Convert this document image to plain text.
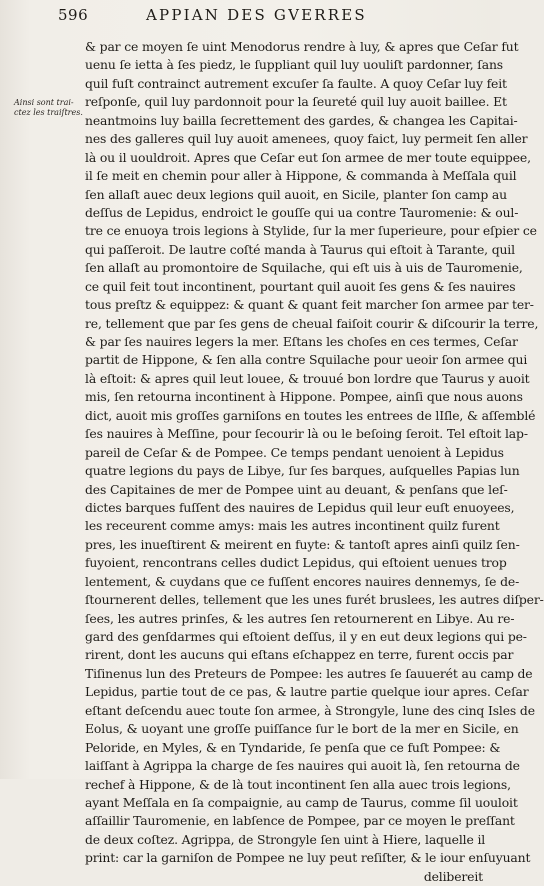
596	APPIAN DES GVERRES
Ainsi sont trai-
ctez les traiſtres.
& par ce moyen ſe uint Menodorus rendre à luy, & apres que Ceſar fut
uenu ſe ietta à ſes piedz, le ſuppliant quil luy uouliſt pardonner, ſans
quil fuſt contrainct autrement excuſer ſa faulte. A quoy Ceſar luy feit
reſponſe, quil luy pardonnoit pour la ſeureté quil luy auoit baillee. Et
neantmoins luy bailla ſecrettement des gardes, & changea les Capitai-
nes des galleres quil luy auoit amenees, quoy faict, luy permeit ſen aller
là ou il uouldroit. Apres que Ceſar eut ſon armee de mer toute equippee,
il ſe meit en chemin pour aller à Hippone, & commanda à Meſſala quil
ſen allaſt auec deux legions quil auoit, en Sicile, planter ſon camp au
deſſus de Lepidus, endroict le gouſſe qui ua contre Tauromenie: & oul-
tre ce enuoya trois legions à Stylide, ſur la mer ſuperieure, pour eſpier ce
qui paſſeroit. De lautre coſté manda à Taurus qui eſtoit à Tarante, quil
ſen allaſt au promontoire de Squilache, qui eſt uis à uis de Tauromenie,
ce quil feit tout incontinent, pourtant quil auoit ſes gens & ſes nauires
tous preſtz & equippez: & quant & quant feit marcher ſon armee par ter-
re, tellement que par ſes gens de cheual faiſoit courir & diſcourir la terre,
& par ſes nauires legers la mer. Eſtans les choſes en ces termes, Ceſar
partit de Hippone, & ſen alla contre Squilache pour ueoir ſon armee qui
là eſtoit: & apres quil leut louee, & trouué bon lordre que Taurus y auoit
mis, ſen retourna incontinent à Hippone. Pompee, ainſi que nous auons
dict, auoit mis groſſes garniſons en toutes les entrees de lIſle, & aſſemblé
ſes nauires à Meſſine, pour ſecourir là ou le beſoing ſeroit. Tel eſtoit lap-
pareil de Ceſar & de Pompee. Ce temps pendant uenoient à Lepidus
quatre legions du pays de Libye, ſur ſes barques, auſquelles Papias lun
des Capitaines de mer de Pompee uint au deuant, & penſans que leſ-
dictes barques fuſſent des nauires de Lepidus quil leur euſt enuoyees,
les receurent comme amys: mais les autres incontinent quilz furent
pres, les inueſtirent & meirent en fuyte: & tantoſt apres ainſi quilz ſen-
fuyoient, rencontrans celles dudict Lepidus, qui eſtoient uenues trop
lentement, & cuydans que ce fuſſent encores nauires dennemys, ſe de-
ſtournerent delles, tellement que les unes furét bruslees, les autres diſper-
ſees, les autres prinſes, & les autres ſen retournerent en Libye. Au re-
gard des genſdarmes qui eſtoient deſſus, il y en eut deux legions qui pe-
rirent, dont les aucuns qui eſtans eſchappez en terre, furent occis par
Tiſinenus lun des Preteurs de Pompee: les autres ſe ſauuerét au camp de
Lepidus, partie tout de ce pas, & lautre partie quelque iour apres. Ceſar
eſtant deſcendu auec toute ſon armee, à Strongyle, lune des cinq Isles de
Eolus, & uoyant une groſſe puiſſance ſur le bort de la mer en Sicile, en
Peloride, en Myles, & en Tyndaride, ſe penſa que ce fuſt Pompee: &
laiſſant à Agrippa la charge de ſes nauires qui auoit là, ſen retourna de
rechef à Hippone, & de là tout incontinent ſen alla auec trois legions,
ayant Meſſala en ſa compaignie, au camp de Taurus, comme ſil uouloit
aſſaillir Tauromenie, en labſence de Pompee, par ce moyen le preſſant
de deux coſtez. Agrippa, de Strongyle ſen uint à Hiere, laquelle il
print: car la garniſon de Pompee ne luy peut reſiſter, & le iour enſuyuant
delibereit
